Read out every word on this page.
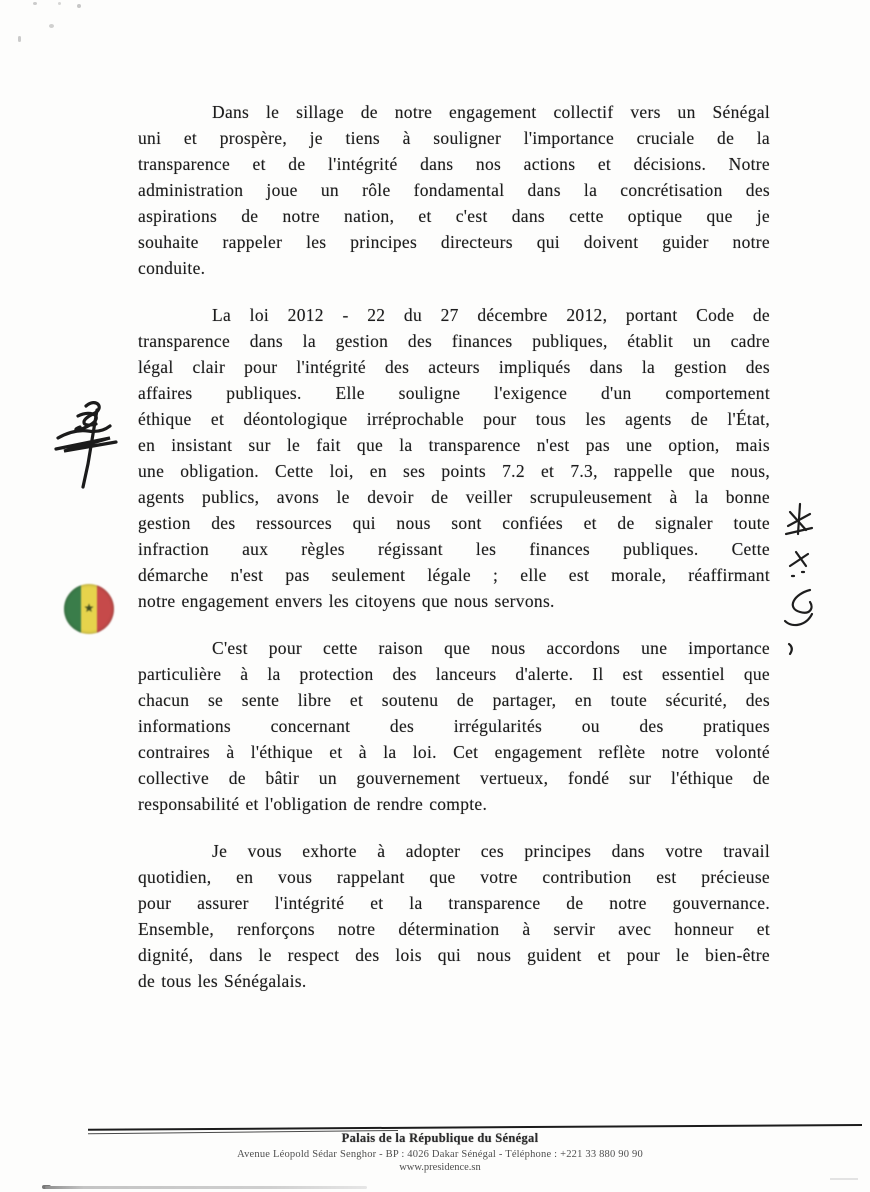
Dans le sillage de notre engagement collectif vers un Sénégal
uni et prospère, je tiens à souligner l'importance cruciale de la
transparence et de l'intégrité dans nos actions et décisions. Notre
administration joue un rôle fondamental dans la concrétisation des
aspirations de notre nation, et c'est dans cette optique que je
souhaite rappeler les principes directeurs qui doivent guider notre
conduite.
La loi 2012 - 22 du 27 décembre 2012, portant Code de
transparence dans la gestion des finances publiques, établit un cadre
légal clair pour l'intégrité des acteurs impliqués dans la gestion des
affaires publiques. Elle souligne l'exigence d'un comportement
éthique et déontologique irréprochable pour tous les agents de l'État,
en insistant sur le fait que la transparence n'est pas une option, mais
une obligation. Cette loi, en ses points 7.2 et 7.3, rappelle que nous,
agents publics, avons le devoir de veiller scrupuleusement à la bonne
gestion des ressources qui nous sont confiées et de signaler toute
infraction aux règles régissant les finances publiques. Cette
démarche n'est pas seulement légale ; elle est morale, réaffirmant
notre engagement envers les citoyens que nous servons.
C'est pour cette raison que nous accordons une importance
particulière à la protection des lanceurs d'alerte. Il est essentiel que
chacun se sente libre et soutenu de partager, en toute sécurité, des
informations concernant des irrégularités ou des pratiques
contraires à l'éthique et à la loi. Cet engagement reflète notre volonté
collective de bâtir un gouvernement vertueux, fondé sur l'éthique de
responsabilité et l'obligation de rendre compte.
Je vous exhorte à adopter ces principes dans votre travail
quotidien, en vous rappelant que votre contribution est précieuse
pour assurer l'intégrité et la transparence de notre gouvernance.
Ensemble, renforçons notre détermination à servir avec honneur et
dignité, dans le respect des lois qui nous guident et pour le bien-être
de tous les Sénégalais.
★
Palais de la République du Sénégal
Avenue Léopold Sédar Senghor - BP : 4026 Dakar Sénégal - Téléphone : +221 33 880 90 90
www.presidence.sn
